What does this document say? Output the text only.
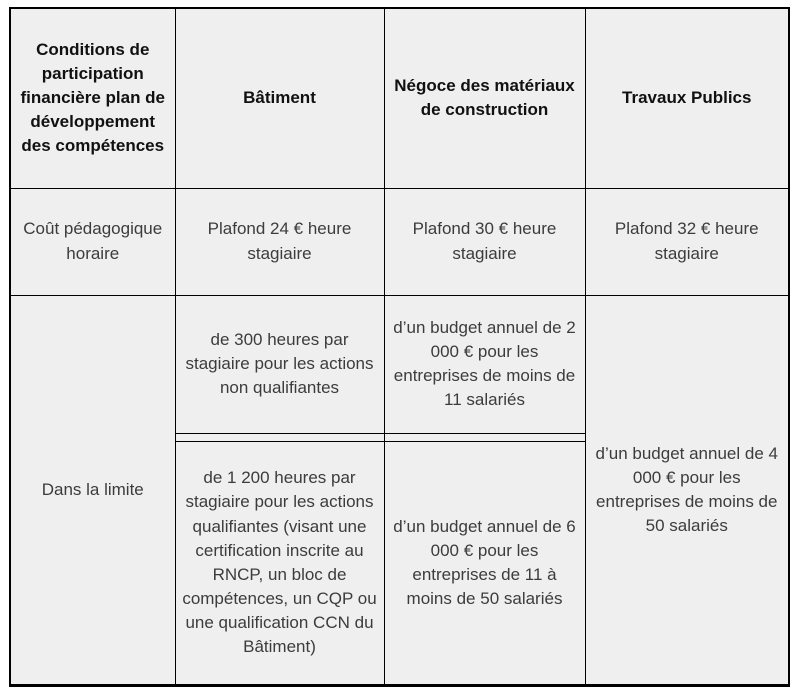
Conditions de participation financière plan de développement des compétences	Bâtiment	Négoce des matériaux de construction	Travaux Publics
Coût pédagogique horaire	Plafond 24 € heure stagiaire	Plafond 30 € heure stagiaire	Plafond 32 € heure stagiaire
Dans la limite	de 300 heures par stagiaire pour les actions non qualifiantes	d’un budget annuel de 2 000 € pour les entreprises de moins de 11 salariés	d’un budget annuel de 4 000 € pour les entreprises de moins de 50 salariés

	de 1 200 heures par stagiaire pour les actions qualifiantes (visant une certification inscrite au RNCP, un bloc de compétences, un CQP ou une qualification CCN du Bâtiment)	d’un budget annuel de 6 000 € pour les entreprises de 11 à moins de 50 salariés	
